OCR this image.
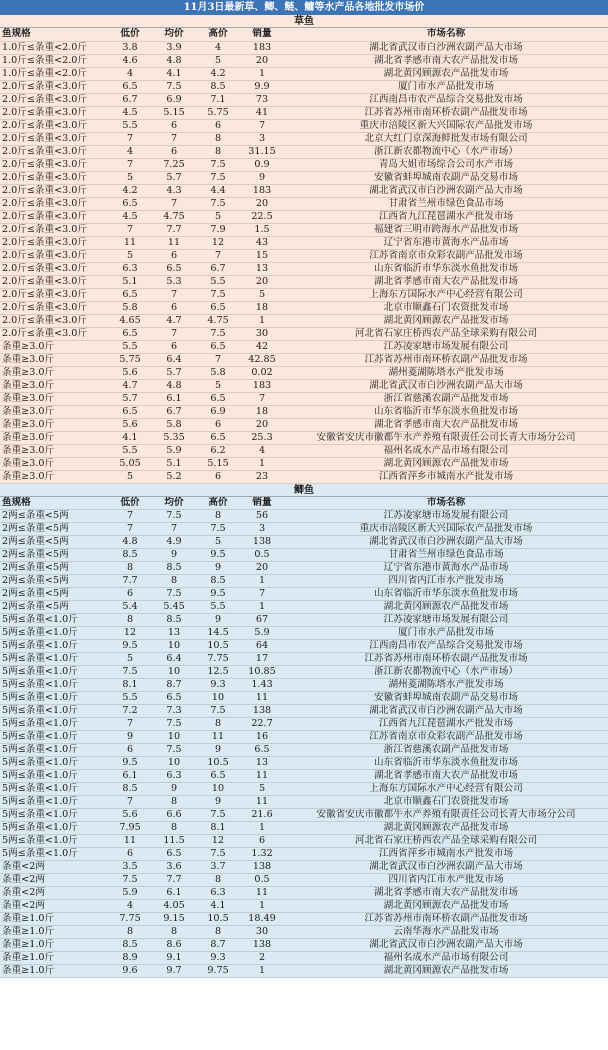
11月3日最新草、鲫、鲢、鳙等水产品各地批发市场价
草鱼
鱼规格	低价	均价	高价	销量	市场名称
1.0斤≤条重<2.0斤	3.8	3.9	4	183	湖北省武汉市白沙洲农副产品大市场
1.0斤≤条重<2.0斤	4.6	4.8	5	20	湖北省孝感市南大农产品批发市场
1.0斤≤条重<2.0斤	4	4.1	4.2	1	湖北黄冈顾源农产品批发市场
2.0斤≤条重<3.0斤	6.5	7.5	8.5	9.9	厦门市水产品批发市场
2.0斤≤条重<3.0斤	6.7	6.9	7.1	73	江西南昌市农产品综合交易批发市场
2.0斤≤条重<3.0斤	4.5	5.15	5.75	41	江苏省苏州市南环桥农副产品批发市场
2.0斤≤条重<3.0斤	5.5	6	6	7	重庆市涪陵区新大兴国际农产品批发市场
2.0斤≤条重<3.0斤	7	7	8	3	北京大红门京深海鲜批发市场有限公司
2.0斤≤条重<3.0斤	4	6	8	31.15	浙江新农都物流中心（水产市场）
2.0斤≤条重<3.0斤	7	7.25	7.5	0.9	青岛大姐市场综合公司水产市场
2.0斤≤条重<3.0斤	5	5.7	7.5	9	安徽省蚌埠城南农副产品交易市场
2.0斤≤条重<3.0斤	4.2	4.3	4.4	183	湖北省武汉市白沙洲农副产品大市场
2.0斤≤条重<3.0斤	6.5	7	7.5	20	甘肃省兰州市绿色食品市场
2.0斤≤条重<3.0斤	4.5	4.75	5	22.5	江西省九江琵琶湖水产批发市场
2.0斤≤条重<3.0斤	7	7.7	7.9	1.5	福建省三明市跨海水产品批发市场
2.0斤≤条重<3.0斤	11	11	12	43	辽宁省东港市黄海水产品市场
2.0斤≤条重<3.0斤	5	6	7	15	江苏省南京市众彩农副产品批发市场
2.0斤≤条重<3.0斤	6.3	6.5	6.7	13	山东省临沂市华东淡水鱼批发市场
2.0斤≤条重<3.0斤	5.1	5.3	5.5	20	湖北省孝感市南大农产品批发市场
2.0斤≤条重<3.0斤	6.5	7	7.5	5	上海东方国际水产中心经营有限公司
2.0斤≤条重<3.0斤	5.8	6	6.5	18	北京市顺鑫石门农资批发市场
2.0斤≤条重<3.0斤	4.65	4.7	4.75	1	湖北黄冈顾源农产品批发市场
2.0斤≤条重<3.0斤	6.5	7	7.5	30	河北省石家庄桥西农产品全球采购有限公司
条重≥3.0斤	5.5	6	6.5	42	江苏凌家塘市场发展有限公司
条重≥3.0斤	5.75	6.4	7	42.85	江苏省苏州市南环桥农副产品批发市场
条重≥3.0斤	5.6	5.7	5.8	0.02	湖州菱湖陈塔水产批发市场
条重≥3.0斤	4.7	4.8	5	183	湖北省武汉市白沙洲农副产品大市场
条重≥3.0斤	5.7	6.1	6.5	7	浙江省慈溪农副产品批发市场
条重≥3.0斤	6.5	6.7	6.9	18	山东省临沂市华东淡水鱼批发市场
条重≥3.0斤	5.6	5.8	6	20	湖北省孝感市南大农产品批发市场
条重≥3.0斤	4.1	5.35	6.5	25.3	安徽省安庆市徽都牛水产养殖有限责任公司长青大市场分公司
条重≥3.0斤	5.5	5.9	6.2	4	福州名成水产品市场有限公司
条重≥3.0斤	5.05	5.1	5.15	1	湖北黄冈顾源农产品批发市场
条重≥3.0斤	5	5.2	6	23	江西省萍乡市城南水产批发市场
鲫鱼
鱼规格	低价	均价	高价	销量	市场名称
2两≤条重<5两	7	7.5	8	56	江苏凌家塘市场发展有限公司
2两≤条重<5两	7	7	7.5	3	重庆市涪陵区新大兴国际农产品批发市场
2两≤条重<5两	4.8	4.9	5	138	湖北省武汉市白沙洲农副产品大市场
2两≤条重<5两	8.5	9	9.5	0.5	甘肃省兰州市绿色食品市场
2两≤条重<5两	8	8.5	9	20	辽宁省东港市黄海水产品市场
2两≤条重<5两	7.7	8	8.5	1	四川省内江市水产批发市场
2两≤条重<5两	6	7.5	9.5	7	山东省临沂市华东淡水鱼批发市场
2两≤条重<5两	5.4	5.45	5.5	1	湖北黄冈顾源农产品批发市场
5两≤条重<1.0斤	8	8.5	9	67	江苏凌家塘市场发展有限公司
5两≤条重<1.0斤	12	13	14.5	5.9	厦门市水产品批发市场
5两≤条重<1.0斤	9.5	10	10.5	64	江西南昌市农产品综合交易批发市场
5两≤条重<1.0斤	5	6.4	7.75	17	江苏省苏州市南环桥农副产品批发市场
5两≤条重<1.0斤	7.5	10	12.5	10.85	浙江新农都物流中心（水产市场）
5两≤条重<1.0斤	8.1	8.7	9.3	1.43	湖州菱湖陈塔水产批发市场
5两≤条重<1.0斤	5.5	6.5	10	11	安徽省蚌埠城南农副产品交易市场
5两≤条重<1.0斤	7.2	7.3	7.5	138	湖北省武汉市白沙洲农副产品大市场
5两≤条重<1.0斤	7	7.5	8	22.7	江西省九江琵琶湖水产批发市场
5两≤条重<1.0斤	9	10	11	16	江苏省南京市众彩农副产品批发市场
5两≤条重<1.0斤	6	7.5	9	6.5	浙江省慈溪农副产品批发市场
5两≤条重<1.0斤	9.5	10	10.5	13	山东省临沂市华东淡水鱼批发市场
5两≤条重<1.0斤	6.1	6.3	6.5	11	湖北省孝感市南大农产品批发市场
5两≤条重<1.0斤	8.5	9	10	5	上海东方国际水产中心经营有限公司
5两≤条重<1.0斤	7	8	9	11	北京市顺鑫石门农资批发市场
5两≤条重<1.0斤	5.6	6.6	7.5	21.6	安徽省安庆市徽都牛水产养殖有限责任公司长青大市场分公司
5两≤条重<1.0斤	7.95	8	8.1	1	湖北黄冈顾源农产品批发市场
5两≤条重<1.0斤	11	11.5	12	6	河北省石家庄桥西农产品全球采购有限公司
5两≤条重<1.0斤	6	6.5	7.5	1.32	江西省萍乡市城南水产批发市场
条重<2两	3.5	3.6	3.7	138	湖北省武汉市白沙洲农副产品大市场
条重<2两	7.5	7.7	8	0.5	四川省内江市水产批发市场
条重<2两	5.9	6.1	6.3	11	湖北省孝感市南大农产品批发市场
条重<2两	4	4.05	4.1	1	湖北黄冈顾源农产品批发市场
条重≥1.0斤	7.75	9.15	10.5	18.49	江苏省苏州市南环桥农副产品批发市场
条重≥1.0斤	8	8	8	30	云南华海水产品批发市场
条重≥1.0斤	8.5	8.6	8.7	138	湖北省武汉市白沙洲农副产品大市场
条重≥1.0斤	8.9	9.1	9.3	2	福州名成水产品市场有限公司
条重≥1.0斤	9.6	9.7	9.75	1	湖北黄冈顾源农产品批发市场
